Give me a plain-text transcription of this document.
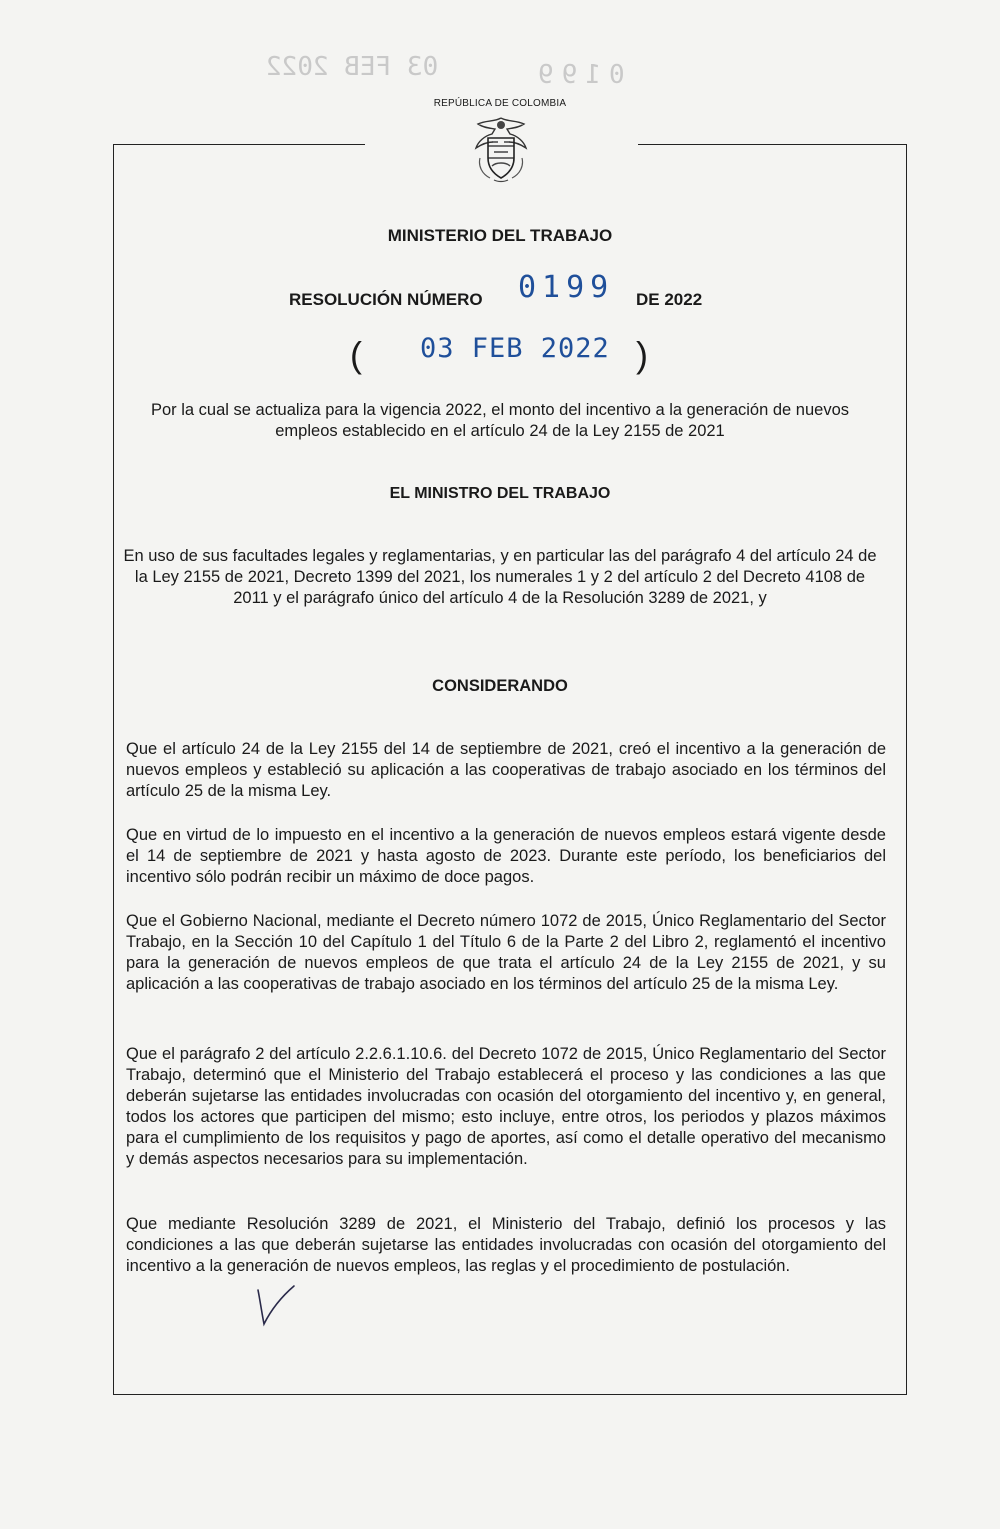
03 FEB 2022	0199
REPÚBLICA DE COLOMBIA
MINISTERIO DEL TRABAJO
RESOLUCIÓN NÚMERO 0199 DE 2022
( 03 FEB 2022 )
Por la cual se actualiza para la vigencia 2022, el monto del incentivo a la generación de nuevos empleos establecido en el artículo 24 de la Ley 2155 de 2021
EL MINISTRO DEL TRABAJO
En uso de sus facultades legales y reglamentarias, y en particular las del parágrafo 4 del artículo 24 de la Ley 2155 de 2021, Decreto 1399 del 2021, los numerales 1 y 2 del artículo 2 del Decreto 4108 de 2011 y el parágrafo único del artículo 4 de la Resolución 3289 de 2021, y
CONSIDERANDO
Que el artículo 24 de la Ley 2155 del 14 de septiembre de 2021, creó el incentivo a la generación de nuevos empleos y estableció su aplicación a las cooperativas de trabajo asociado en los términos del artículo 25 de la misma Ley.
Que en virtud de lo impuesto en el incentivo a la generación de nuevos empleos estará vigente desde el 14 de septiembre de 2021 y hasta agosto de 2023. Durante este período, los beneficiarios del incentivo sólo podrán recibir un máximo de doce pagos.
Que el Gobierno Nacional, mediante el Decreto número 1072 de 2015, Único Reglamentario del Sector Trabajo, en la Sección 10 del Capítulo 1 del Título 6 de la Parte 2 del Libro 2, reglamentó el incentivo para la generación de nuevos empleos de que trata el artículo 24 de la Ley 2155 de 2021, y su aplicación a las cooperativas de trabajo asociado en los términos del artículo 25 de la misma Ley.
Que el parágrafo 2 del artículo 2.2.6.1.10.6. del Decreto 1072 de 2015, Único Reglamentario del Sector Trabajo, determinó que el Ministerio del Trabajo establecerá el proceso y las condiciones a las que deberán sujetarse las entidades involucradas con ocasión del otorgamiento del incentivo y, en general, todos los actores que participen del mismo; esto incluye, entre otros, los periodos y plazos máximos para el cumplimiento de los requisitos y pago de aportes, así como el detalle operativo del mecanismo y demás aspectos necesarios para su implementación.
Que mediante Resolución 3289 de 2021, el Ministerio del Trabajo, definió los procesos y las condiciones a las que deberán sujetarse las entidades involucradas con ocasión del otorgamiento del incentivo a la generación de nuevos empleos, las reglas y el procedimiento de postulación.
